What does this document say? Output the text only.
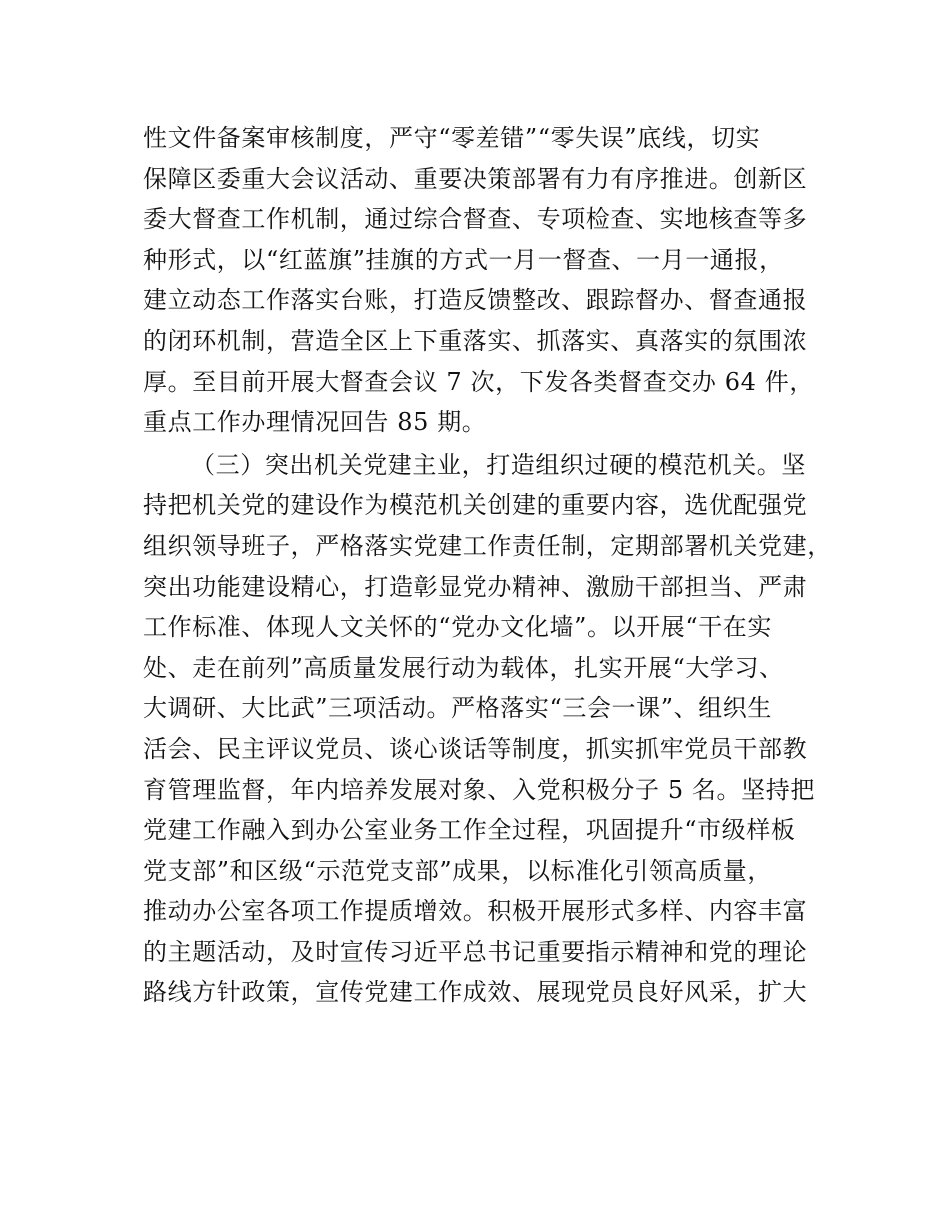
性文件备案审核制度，严守“零差错”“零失误”底线，切实
保障区委重大会议活动、重要决策部署有力有序推进。创新区
委大督查工作机制，通过综合督查、专项检查、实地核查等多
种形式，以“红蓝旗”挂旗的方式一月一督查、一月一通报，
建立动态工作落实台账，打造反馈整改、跟踪督办、督查通报
的闭环机制，营造全区上下重落实、抓落实、真落实的氛围浓
厚。至目前开展大督查会议 7 次，下发各类督查交办 64 件，
重点工作办理情况回告 85 期。
（三）突出机关党建主业，打造组织过硬的模范机关。坚
持把机关党的建设作为模范机关创建的重要内容，选优配强党
组织领导班子，严格落实党建工作责任制，定期部署机关党建，
突出功能建设精心，打造彰显党办精神、激励干部担当、严肃
工作标准、体现人文关怀的“党办文化墙”。以开展“干在实
处、走在前列”高质量发展行动为载体，扎实开展“大学习、
大调研、大比武”三项活动。严格落实“三会一课”、组织生
活会、民主评议党员、谈心谈话等制度，抓实抓牢党员干部教
育管理监督，年内培养发展对象、入党积极分子 5 名。坚持把
党建工作融入到办公室业务工作全过程，巩固提升“市级样板
党支部”和区级“示范党支部”成果，以标准化引领高质量，
推动办公室各项工作提质增效。积极开展形式多样、内容丰富
的主题活动，及时宣传习近平总书记重要指示精神和党的理论
路线方针政策，宣传党建工作成效、展现党员良好风采，扩大
